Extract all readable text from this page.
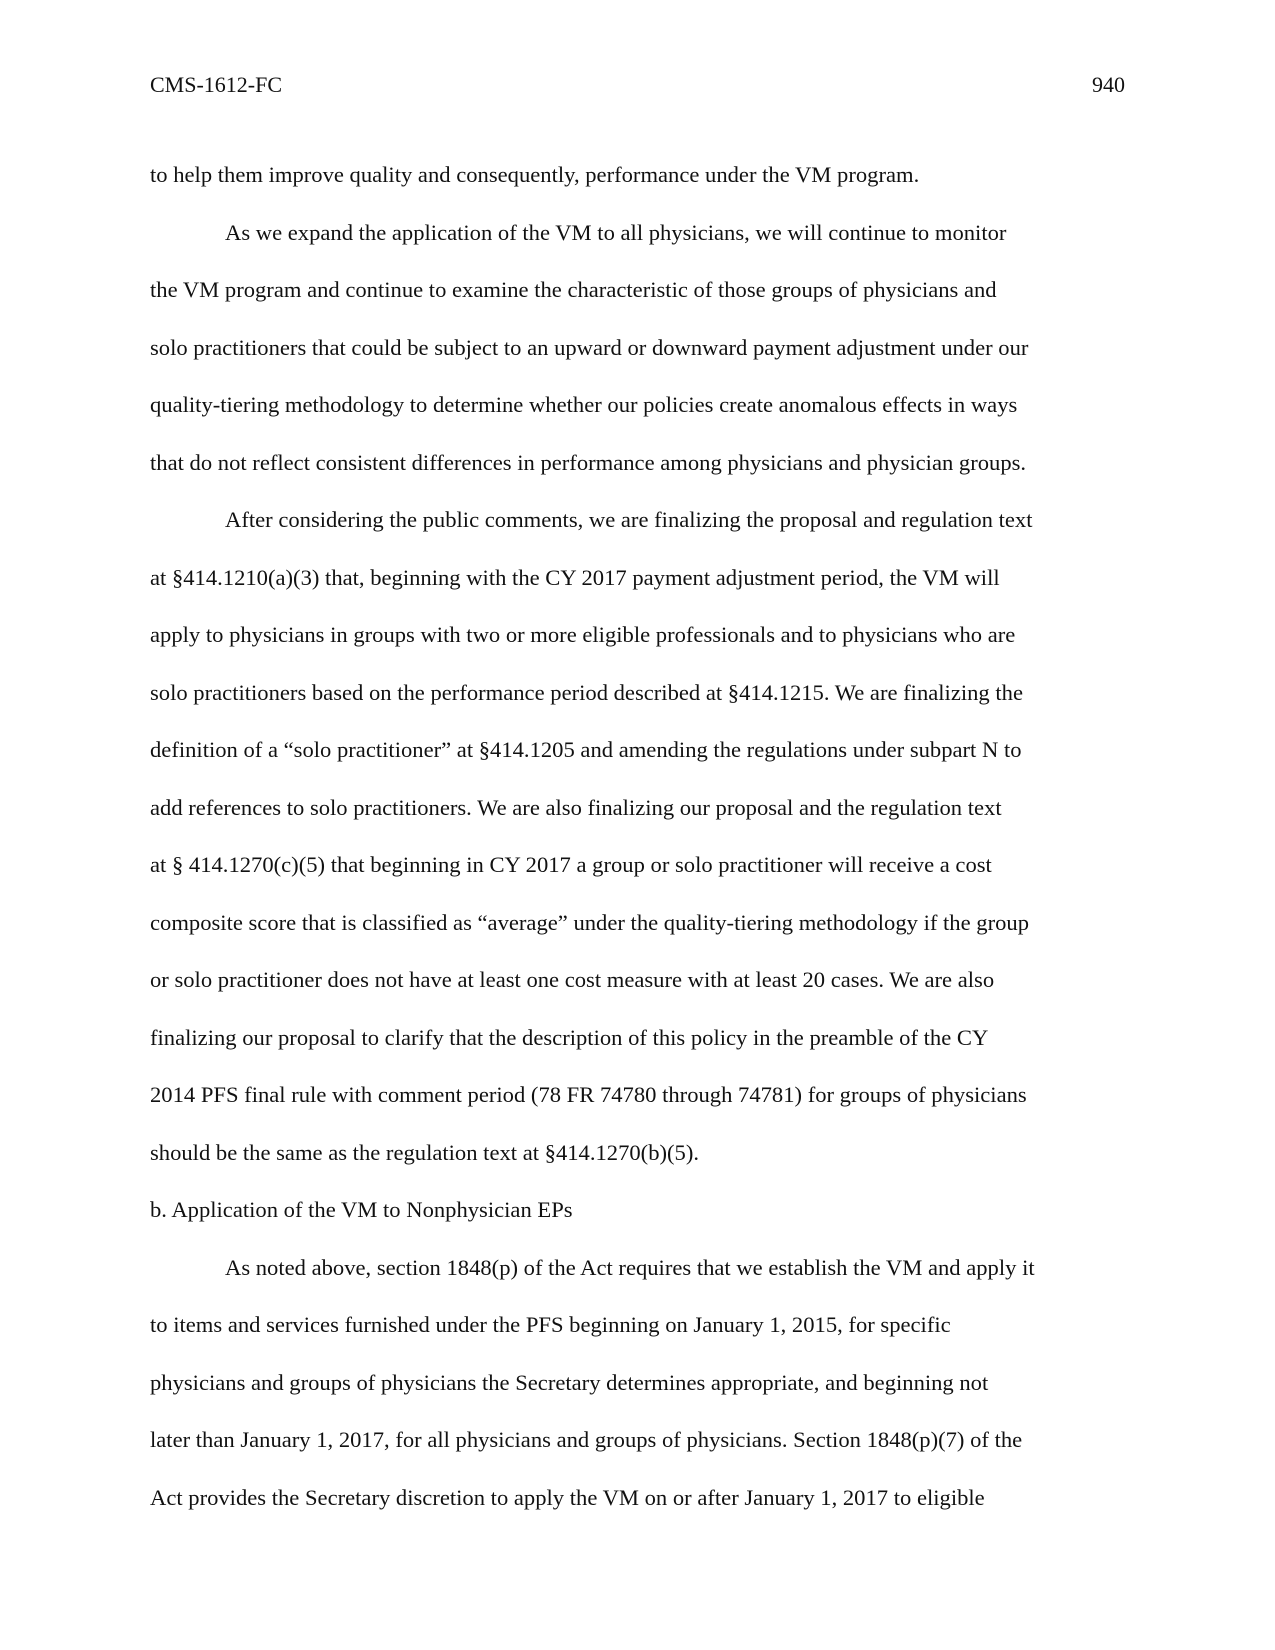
CMS-1612-FC	940
to help them improve quality and consequently, performance under the VM program.
As we expand the application of the VM to all physicians, we will continue to monitor
the VM program and continue to examine the characteristic of those groups of physicians and
solo practitioners that could be subject to an upward or downward payment adjustment under our
quality-tiering methodology to determine whether our policies create anomalous effects in ways
that do not reflect consistent differences in performance among physicians and physician groups.
After considering the public comments, we are finalizing the proposal and regulation text
at §414.1210(a)(3) that, beginning with the CY 2017 payment adjustment period, the VM will
apply to physicians in groups with two or more eligible professionals and to physicians who are
solo practitioners based on the performance period described at §414.1215. We are finalizing the
definition of a “solo practitioner” at §414.1205 and amending the regulations under subpart N to
add references to solo practitioners. We are also finalizing our proposal and the regulation text
at § 414.1270(c)(5) that beginning in CY 2017 a group or solo practitioner will receive a cost
composite score that is classified as “average” under the quality-tiering methodology if the group
or solo practitioner does not have at least one cost measure with at least 20 cases. We are also
finalizing our proposal to clarify that the description of this policy in the preamble of the CY
2014 PFS final rule with comment period (78 FR 74780 through 74781) for groups of physicians
should be the same as the regulation text at §414.1270(b)(5).
b. Application of the VM to Nonphysician EPs
As noted above, section 1848(p) of the Act requires that we establish the VM and apply it
to items and services furnished under the PFS beginning on January 1, 2015, for specific
physicians and groups of physicians the Secretary determines appropriate, and beginning not
later than January 1, 2017, for all physicians and groups of physicians. Section 1848(p)(7) of the
Act provides the Secretary discretion to apply the VM on or after January 1, 2017 to eligible
